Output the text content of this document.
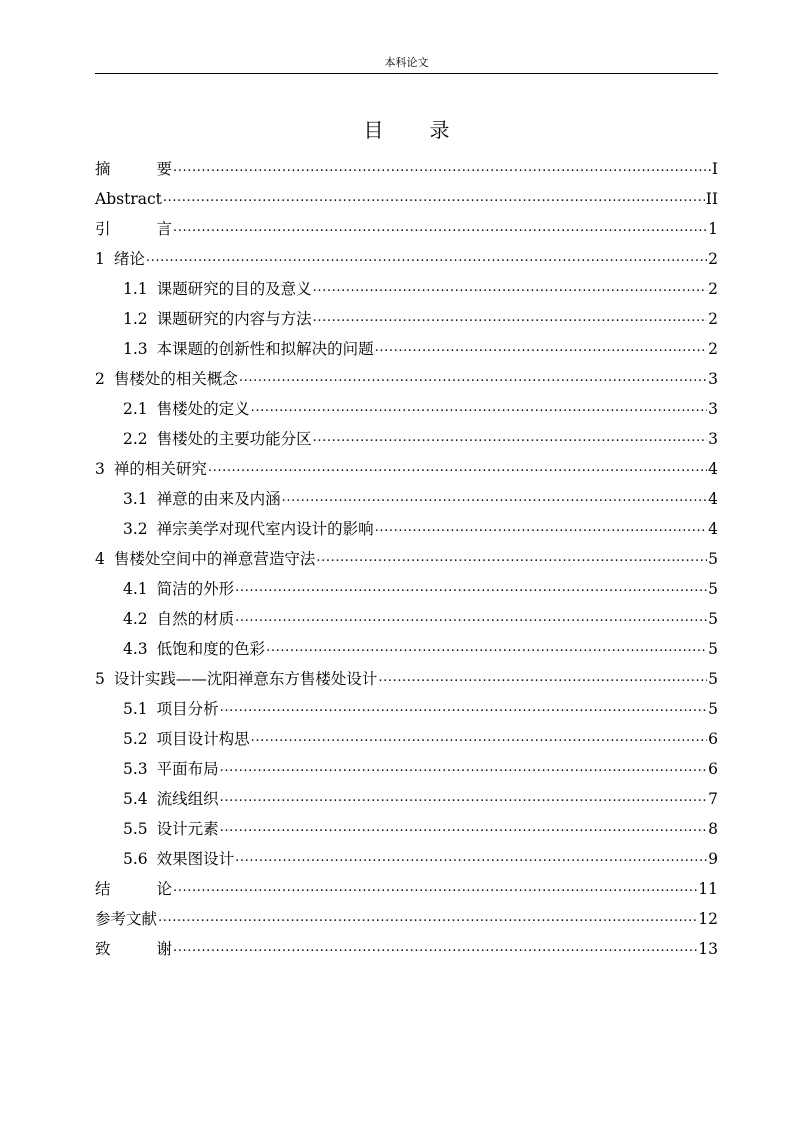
本科论文
目 录
摘	要 .....	I
Abstract .....	II
引	言 .....	1
1 绪论 .....	2
1.1 课题研究的目的及意义 .....	2
1.2 课题研究的内容与方法 .....	2
1.3 本课题的创新性和拟解决的问题 .....	2
2 售楼处的相关概念 .....	3
2.1 售楼处的定义 .....	3
2.2 售楼处的主要功能分区 .....	3
3 禅的相关研究 .....	4
3.1 禅意的由来及内涵 .....	4
3.2 禅宗美学对现代室内设计的影响 .....	4
4 售楼处空间中的禅意营造守法 .....	5
4.1 简洁的外形 .....	5
4.2 自然的材质 .....	5
4.3 低饱和度的色彩 .....	5
5 设计实践——沈阳禅意东方售楼处设计 .....	5
5.1 项目分析 .....	5
5.2 项目设计构思 .....	6
5.3 平面布局 .....	6
5.4 流线组织 .....	7
5.5 设计元素 .....	8
5.6 效果图设计 .....	9
结	论 .....	11
参考文献 .....	12
致	谢 .....	13
